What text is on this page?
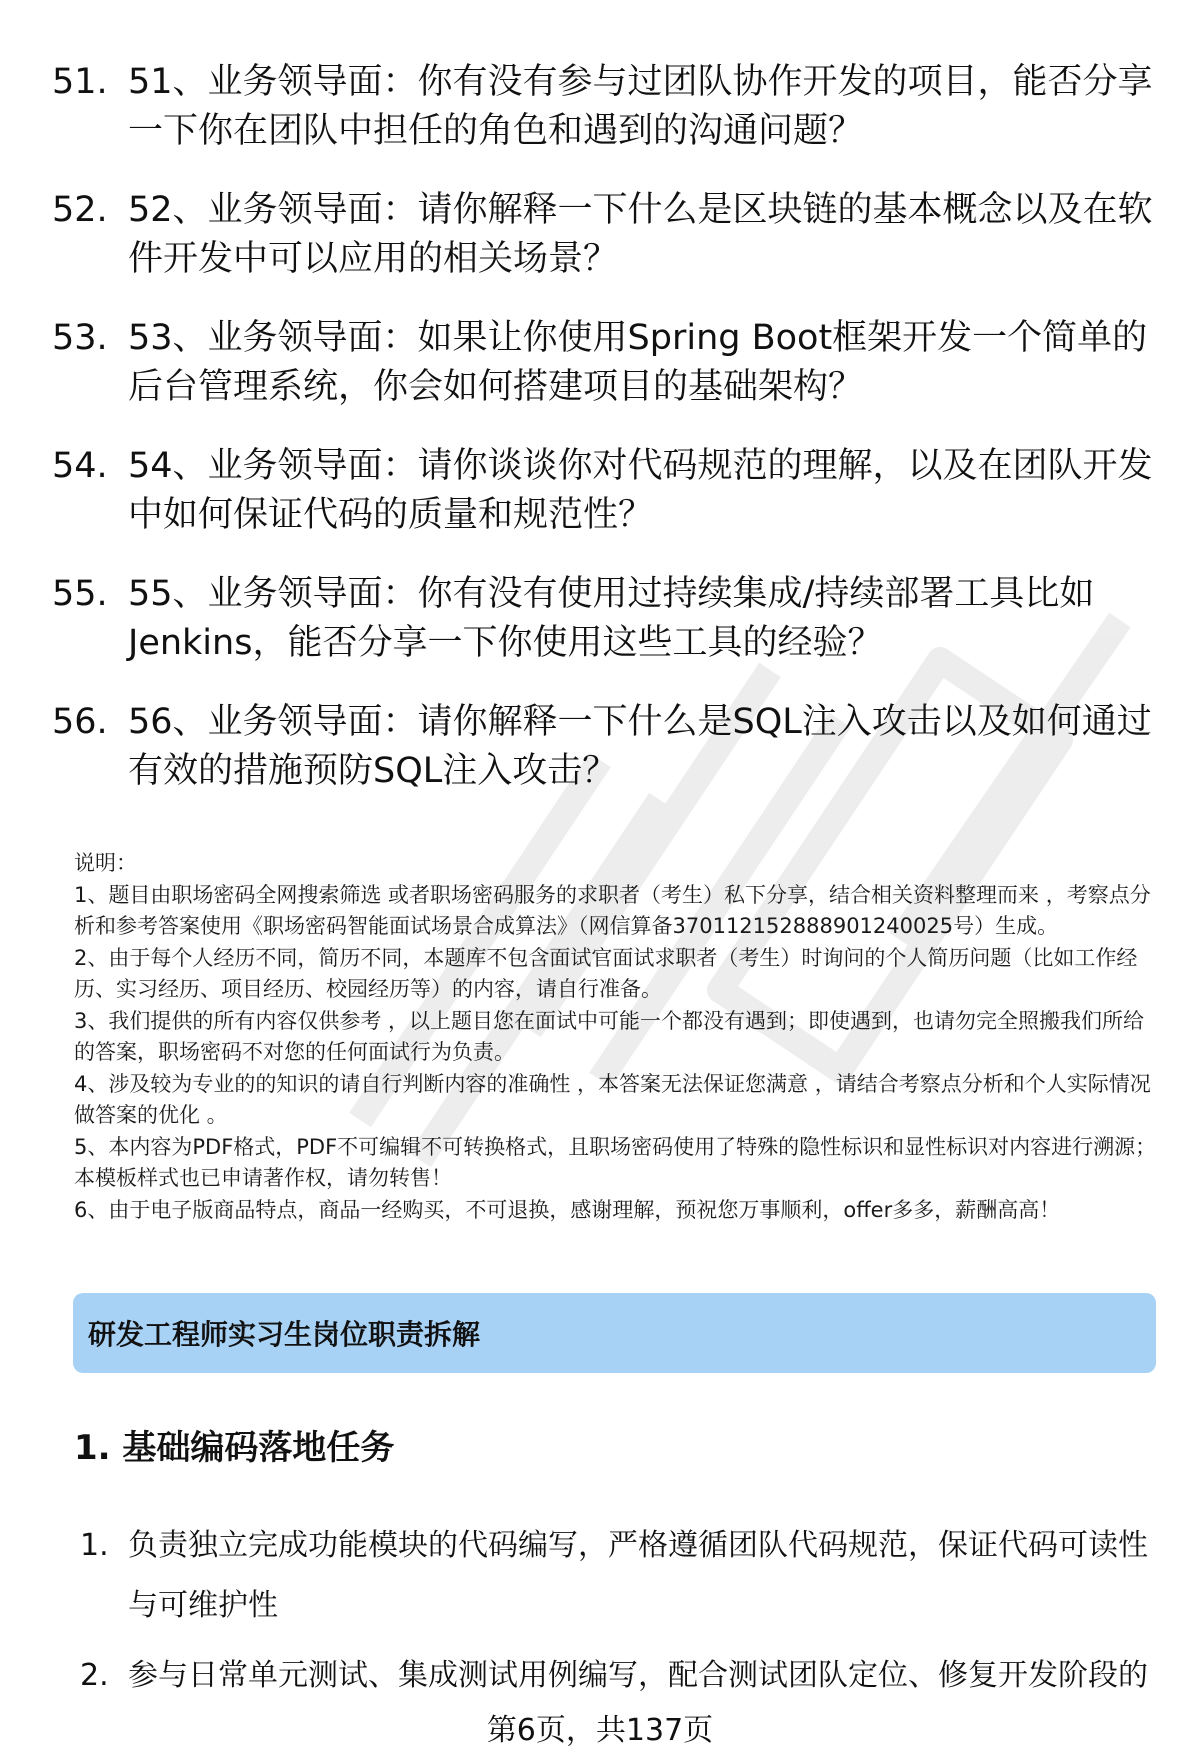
51. 51、业务领导面：你有没有参与过团队协作开发的项目，能否分享一下你在团队中担任的角色和遇到的沟通问题？
52. 52、业务领导面：请你解释一下什么是区块链的基本概念以及在软件开发中可以应用的相关场景？
53. 53、业务领导面：如果让你使用Spring Boot框架开发一个简单的后台管理系统，你会如何搭建项目的基础架构？
54. 54、业务领导面：请你谈谈你对代码规范的理解，以及在团队开发中如何保证代码的质量和规范性？
55. 55、业务领导面：你有没有使用过持续集成/持续部署工具比如Jenkins，能否分享一下你使用这些工具的经验？
56. 56、业务领导面：请你解释一下什么是SQL注入攻击以及如何通过有效的措施预防SQL注入攻击？

说明：

1、题目由职场密码全网搜索筛选 或者职场密码服务的求职者（考生）私下分享，结合相关资料整理而来 ，考察点分析和参考答案使用《职场密码智能面试场景合成算法》（网信算备370112152888901240025号）生成。

2、由于每个人经历不同，简历不同，本题库不包含面试官面试求职者（考生）时询问的个人简历问题（比如工作经历、实习经历、项目经历、校园经历等）的内容，请自行准备。

3、我们提供的所有内容仅供参考 ，以上题目您在面试中可能一个都没有遇到；即使遇到，也请勿完全照搬我们所给的答案，职场密码不对您的任何面试行为负责。

4、涉及较为专业的的知识的请自行判断内容的准确性 ，本答案无法保证您满意 ，请结合考察点分析和个人实际情况做答案的优化 。

5、本内容为PDF格式，PDF不可编辑不可转换格式，且职场密码使用了特殊的隐性标识和显性标识对内容进行溯源；本模板样式也已申请著作权，请勿转售！

6、由于电子版商品特点，商品一经购买，不可退换，感谢理解，预祝您万事顺利，offer多多，薪酬高高！

研发工程师实习生岗位职责拆解
1. 基础编码落地任务
1. 负责独立完成功能模块的代码编写，严格遵循团队代码规范，保证代码可读性与可维护性
2. 参与日常单元测试、集成测试用例编写，配合测试团队定位、修复开发阶段的
第6页，共137页
